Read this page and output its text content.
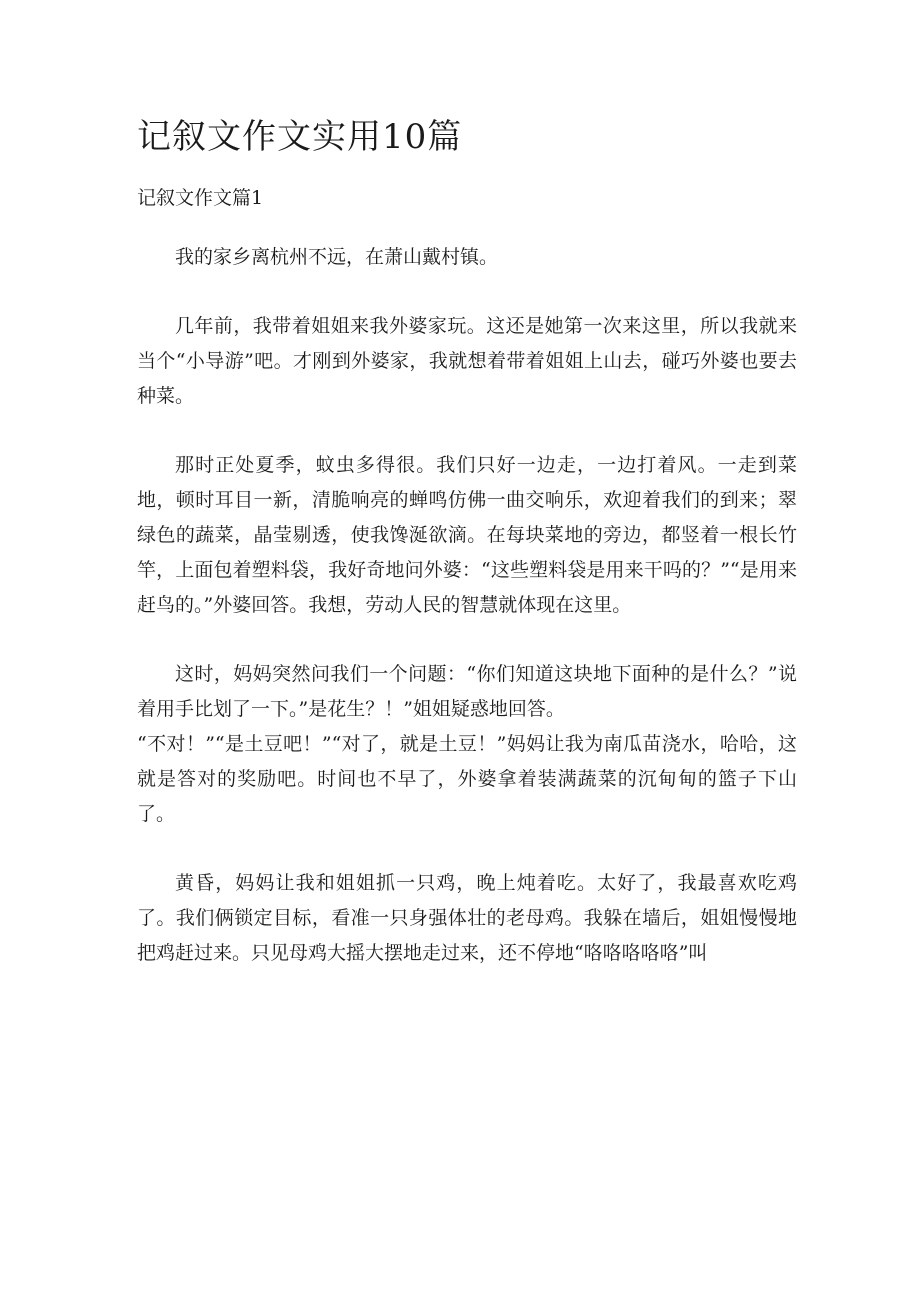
记叙文作文实用10篇
记叙文作文篇1

我的家乡离杭州不远，在萧山戴村镇。

几年前，我带着姐姐来我外婆家玩。这还是她第一次来这里，所以我就来当个“小导游”吧。才刚到外婆家，我就想着带着姐姐上山去，碰巧外婆也要去种菜。

那时正处夏季，蚊虫多得很。我们只好一边走，一边打着风。一走到菜地，顿时耳目一新，清脆响亮的蝉鸣仿佛一曲交响乐，欢迎着我们的到来；翠绿色的蔬菜，晶莹剔透，使我馋涎欲滴。在每块菜地的旁边，都竖着一根长竹竿，上面包着塑料袋，我好奇地问外婆：“这些塑料袋是用来干吗的？”“是用来赶鸟的。”外婆回答。我想，劳动人民的智慧就体现在这里。

这时，妈妈突然问我们一个问题：“你们知道这块地下面种的是什么？”说着用手比划了一下。”是花生？！”姐姐疑惑地回答。

“不对！”“是土豆吧！”“对了，就是土豆！”妈妈让我为南瓜苗浇水，哈哈，这就是答对的奖励吧。时间也不早了，外婆拿着装满蔬菜的沉甸甸的篮子下山了。

黄昏，妈妈让我和姐姐抓一只鸡，晚上炖着吃。太好了，我最喜欢吃鸡了。我们俩锁定目标，看准一只身强体壮的老母鸡。我躲在墙后，姐姐慢慢地把鸡赶过来。只见母鸡大摇大摆地走过来，还不停地“咯咯咯咯咯”叫
